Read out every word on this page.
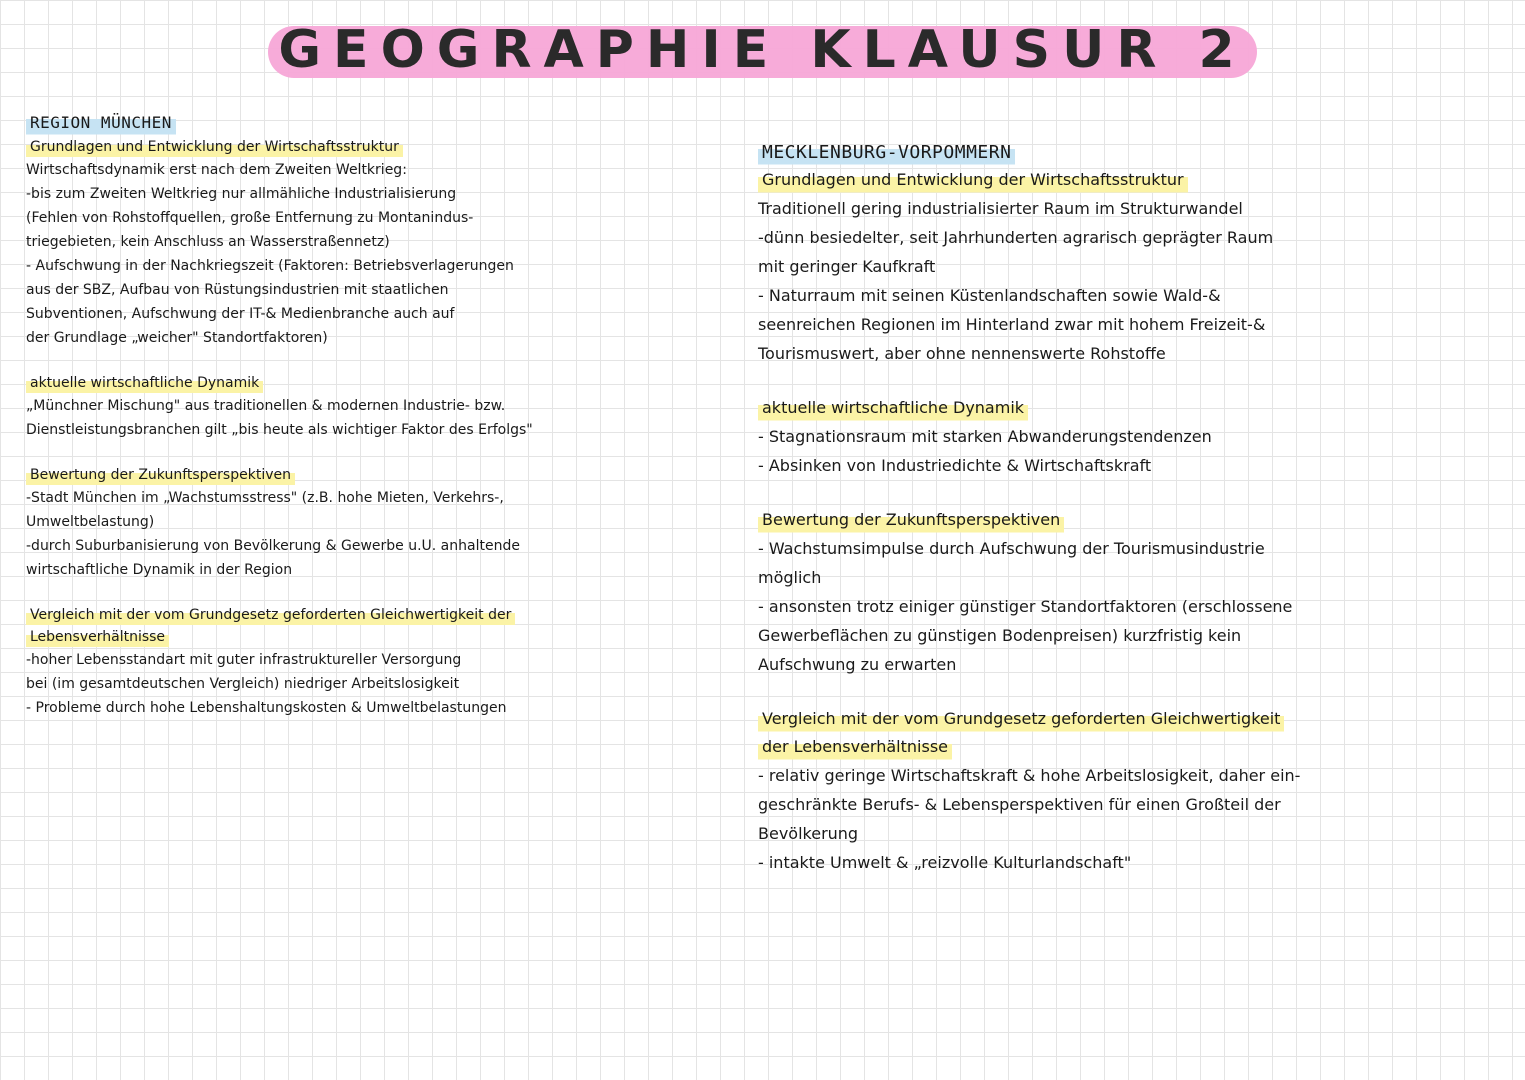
GEOGRAPHIE KLAUSUR 2
REGION MÜNCHEN
Grundlagen und Entwicklung der Wirtschaftsstruktur

Wirtschaftsdynamik erst nach dem Zweiten Weltkrieg:

-bis zum Zweiten Weltkrieg nur allmähliche Industrialisierung

(Fehlen von Rohstoffquellen, große Entfernung zu Montanindus-

triegebieten, kein Anschluss an Wasserstraßennetz)

- Aufschwung in der Nachkriegszeit (Faktoren: Betriebsverlagerungen

aus der SBZ, Aufbau von Rüstungsindustrien mit staatlichen

Subventionen, Aufschwung der IT-& Medienbranche auch auf

der Grundlage „weicher" Standortfaktoren)

aktuelle wirtschaftliche Dynamik

„Münchner Mischung" aus traditionellen & modernen Industrie- bzw.

Dienstleistungsbranchen gilt „bis heute als wichtiger Faktor des Erfolgs"

Bewertung der Zukunftsperspektiven

-Stadt München im „Wachstumsstress" (z.B. hohe Mieten, Verkehrs-,

Umweltbelastung)

-durch Suburbanisierung von Bevölkerung & Gewerbe u.U. anhaltende

wirtschaftliche Dynamik in der Region

Vergleich mit der vom Grundgesetz geforderten Gleichwertigkeit der
Lebensverhältnisse

-hoher Lebensstandart mit guter infrastruktureller Versorgung

bei (im gesamtdeutschen Vergleich) niedriger Arbeitslosigkeit

- Probleme durch hohe Lebenshaltungskosten & Umweltbelastungen

MECKLENBURG-VORPOMMERN
Grundlagen und Entwicklung der Wirtschaftsstruktur

Traditionell gering industrialisierter Raum im Strukturwandel

-dünn besiedelter, seit Jahrhunderten agrarisch geprägter Raum

mit geringer Kaufkraft

- Naturraum mit seinen Küstenlandschaften sowie Wald-&

seenreichen Regionen im Hinterland zwar mit hohem Freizeit-&

Tourismuswert, aber ohne nennenswerte Rohstoffe

aktuelle wirtschaftliche Dynamik

- Stagnationsraum mit starken Abwanderungstendenzen

- Absinken von Industriedichte & Wirtschaftskraft

Bewertung der Zukunftsperspektiven

- Wachstumsimpulse durch Aufschwung der Tourismusindustrie

möglich

- ansonsten trotz einiger günstiger Standortfaktoren (erschlossene

Gewerbeflächen zu günstigen Bodenpreisen) kurzfristig kein

Aufschwung zu erwarten

Vergleich mit der vom Grundgesetz geforderten Gleichwertigkeit
der Lebensverhältnisse

- relativ geringe Wirtschaftskraft & hohe Arbeitslosigkeit, daher ein-

geschränkte Berufs- & Lebensperspektiven für einen Großteil der

Bevölkerung

- intakte Umwelt & „reizvolle Kulturlandschaft"
